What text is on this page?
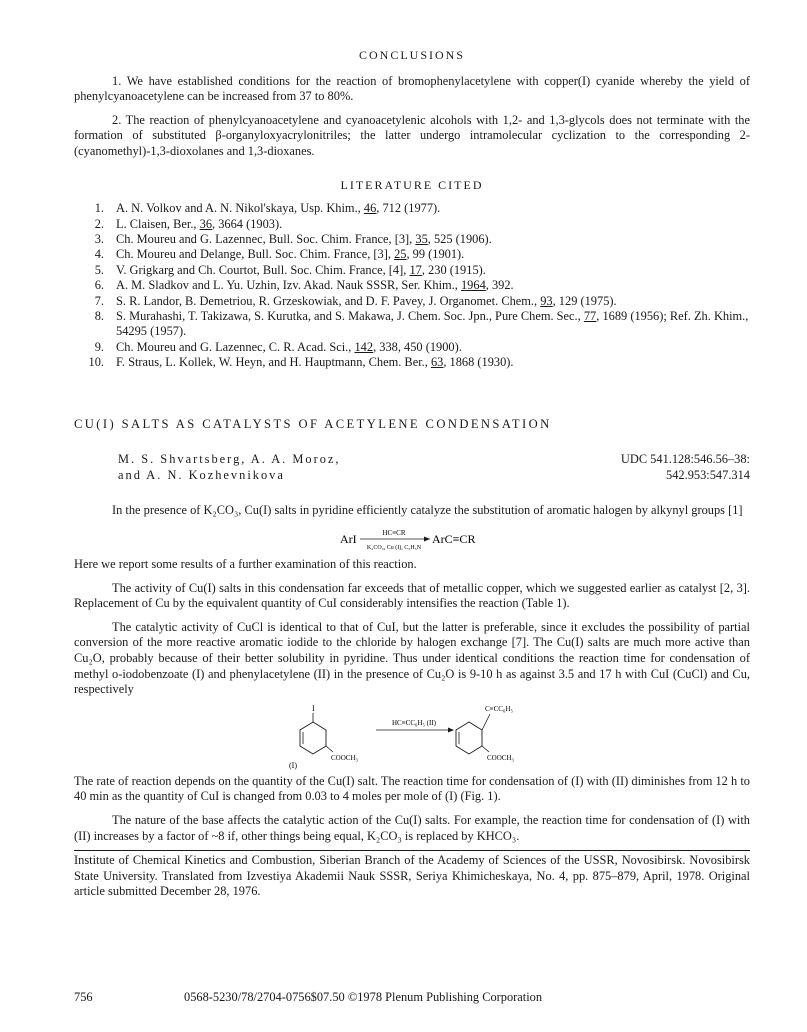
CONCLUSIONS

1. We have established conditions for the reaction of bromophenylacetylene with copper(I) cyanide whereby the yield of phenylcyanoacetylene can be increased from 37 to 80%.

2. The reaction of phenylcyanoacetylene and cyanoacetylenic alcohols with 1,2- and 1,3-glycols does not terminate with the formation of substituted β-organyloxyacrylonitriles; the latter undergo intramolecular cyclization to the corresponding 2-(cyanomethyl)-1,3-dioxolanes and 1,3-dioxanes.

LITERATURE CITED

1. A. N. Volkov and A. N. Nikol'skaya, Usp. Khim., 46, 712 (1977).
2. L. Claisen, Ber., 36, 3664 (1903).
3. Ch. Moureu and G. Lazennec, Bull. Soc. Chim. France, [3], 35, 525 (1906).
4. Ch. Moureu and Delange, Bull. Soc. Chim. France, [3], 25, 99 (1901).
5. V. Grigkarg and Ch. Courtot, Bull. Soc. Chim. France, [4], 17, 230 (1915).
6. A. M. Sladkov and L. Yu. Uzhin, Izv. Akad. Nauk SSSR, Ser. Khim., 1964, 392.
7. S. R. Landor, B. Demetriou, R. Grzeskowiak, and D. F. Pavey, J. Organomet. Chem., 93, 129 (1975).
8. S. Murahashi, T. Takizawa, S. Kurutka, and S. Makawa, J. Chem. Soc. Jpn., Pure Chem. Sec., 77, 1689 (1956); Ref. Zh. Khim., 54295 (1957).
9. Ch. Moureu and G. Lazennec, C. R. Acad. Sci., 142, 338, 450 (1900).
10. F. Straus, L. Kollek, W. Heyn, and H. Hauptmann, Chem. Ber., 63, 1868 (1930).

CU(I) SALTS AS CATALYSTS OF ACETYLENE CONDENSATION

M. S. Shvartsberg, A. A. Moroz,
and A. N. Kozhevnikova
UDC 541.128:546.56–38:
542.953:547.314

In the presence of K₂CO₃, Cu(I) salts in pyridine efficiently catalyze the substitution of aromatic halogen by alkynyl groups [1]

ArI	HC≡CR
K₂CO₃, Cu (I), C₅H₅N
ArC≡CR

Here we report some results of a further examination of this reaction.

The activity of Cu(I) salts in this condensation far exceeds that of metallic copper, which we suggested earlier as catalyst [2, 3]. Replacement of Cu by the equivalent quantity of CuI considerably intensifies the reaction (Table 1).

The catalytic activity of CuCl is identical to that of CuI, but the latter is preferable, since it excludes the possibility of partial conversion of the more reactive aromatic iodide to the chloride by halogen exchange [7]. The Cu(I) salts are much more active than Cu₂O, probably because of their better solubility in pyridine. Thus under identical conditions the reaction time for condensation of methyl o-iodobenzoate (I) and phenylacetylene (II) in the presence of Cu₂O is 9-10 h as against 3.5 and 17 h with CuI (CuCl) and Cu, respectively

I
COOCH₃
(I)
HC≡CC₆H₅ (II)
C≡CC₆H₅
COOCH₃

The rate of reaction depends on the quantity of the Cu(I) salt. The reaction time for condensation of (I) with (II) diminishes from 12 h to 40 min as the quantity of CuI is changed from 0.03 to 4 moles per mole of (I) (Fig. 1).

The nature of the base affects the catalytic action of the Cu(I) salts. For example, the reaction time for condensation of (I) with (II) increases by a factor of ~8 if, other things being equal, K₂CO₃ is replaced by KHCO₃.

Institute of Chemical Kinetics and Combustion, Siberian Branch of the Academy of Sciences of the USSR, Novosibirsk. Novosibirsk State University. Translated from Izvestiya Akademii Nauk SSSR, Seriya Khimicheskaya, No. 4, pp. 875–879, April, 1978. Original article submitted December 28, 1976.

756	0568-5230/78/2704-0756$07.50 ©1978 Plenum Publishing Corporation
